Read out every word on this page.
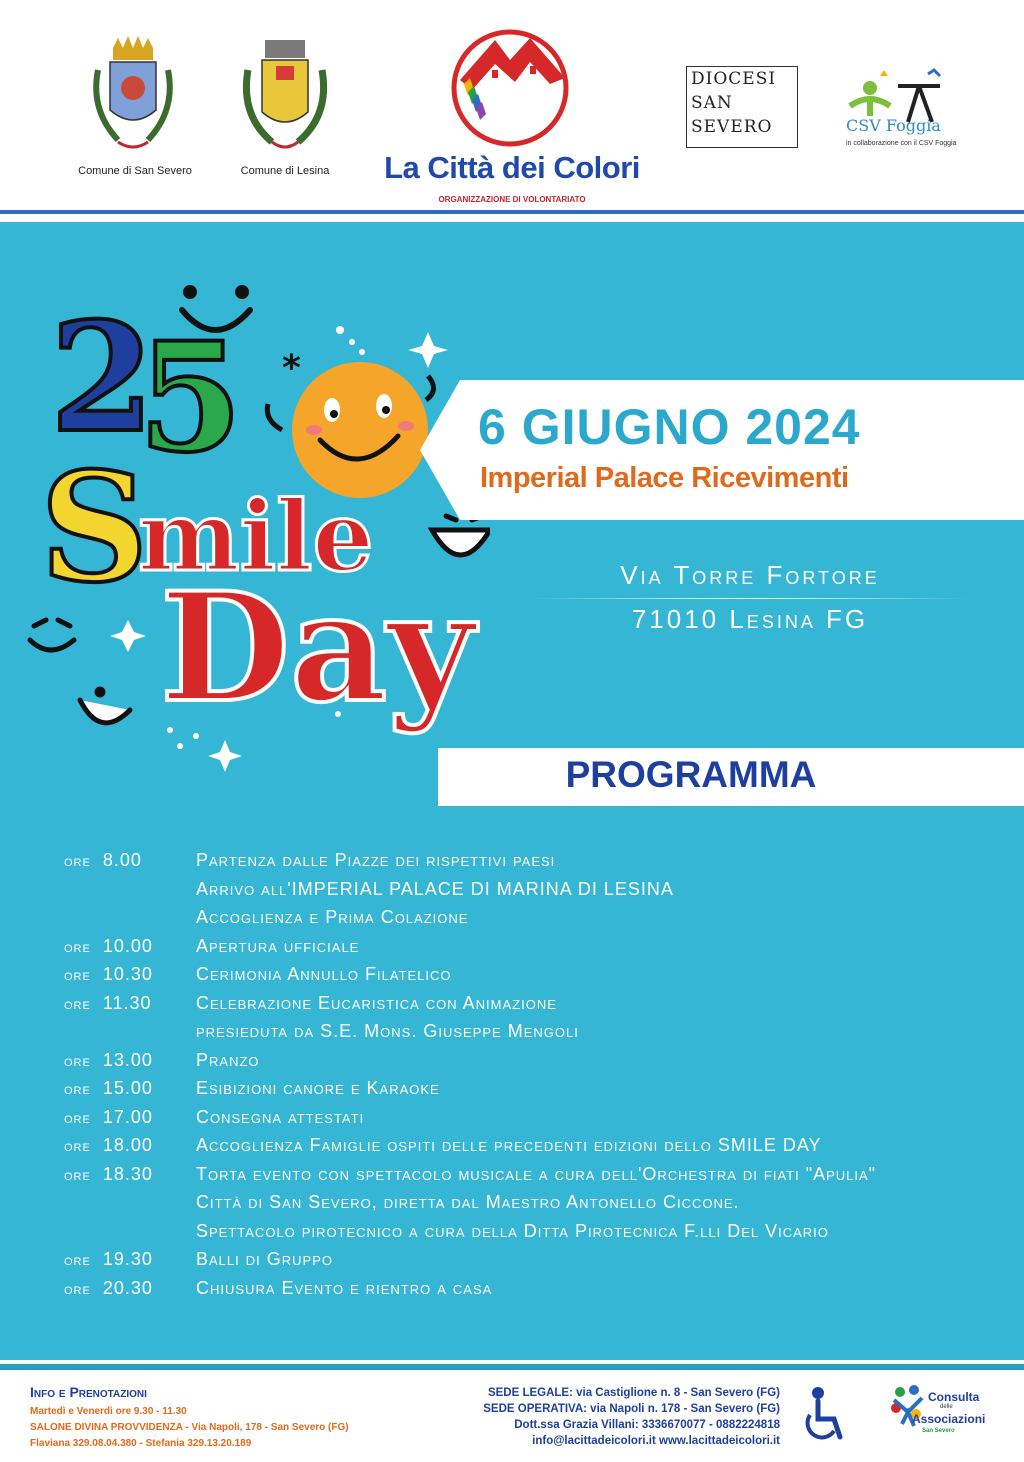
Comune di San Severo	Comune di Lesina	La Città dei Colori
ORGANIZZAZIONE DI VOLONTARIATO
DIOCESI
SAN
SEVERO	CSV Foggia
in collaborazione con il CSV Foggia
2
5
S
mile
Day
*
6 GIUGNO 2024
Imperial Palace Ricevimenti
Via Torre Fortore
71010 Lesina FG
PROGRAMMA
ore 8.00	Partenza dalle Piazze dei rispettivi paesi
Arrivo all'IMPERIAL PALACE DI MARINA DI LESINA
Accoglienza e Prima Colazione
ore 10.00	Apertura ufficiale
ore 10.30	Cerimonia Annullo Filatelico
ore 11.30	Celebrazione Eucaristica con Animazione
presieduta da S.E. Mons. Giuseppe Mengoli
ore 13.00	Pranzo
ore 15.00	Esibizioni canore e Karaoke
ore 17.00	Consegna attestati
ore 18.00	Accoglienza Famiglie ospiti delle precedenti edizioni dello SMILE DAY
ore 18.30	Torta evento con spettacolo musicale a cura dell'Orchestra di fiati "Apulia"
Città di San Severo, diretta dal Maestro Antonello Ciccone.
Spettacolo pirotecnico a cura della Ditta Pirotecnica F.lli Del Vicario
ore 19.30	Balli di Gruppo
ore 20.30	Chiusura Evento e rientro a casa
Info e Prenotazioni
Martedì e Venerdì ore 9.30 - 11.30
SALONE DIVINA PROVVIDENZA - Via Napoli, 178 - San Severo (FG)
Flaviana 329.08.04.380 - Stefania 329.13.20.189
SEDE LEGALE: via Castiglione n. 8 - San Severo (FG)
SEDE OPERATIVA: via Napoli n. 178 - San Severo (FG)
Dott.ssa Grazia Villani: 3336670077 - 0882224818
info@lacittadeicolori.it www.lacittadeicolori.it
Consulta
delle
Associazioni
San Severo
